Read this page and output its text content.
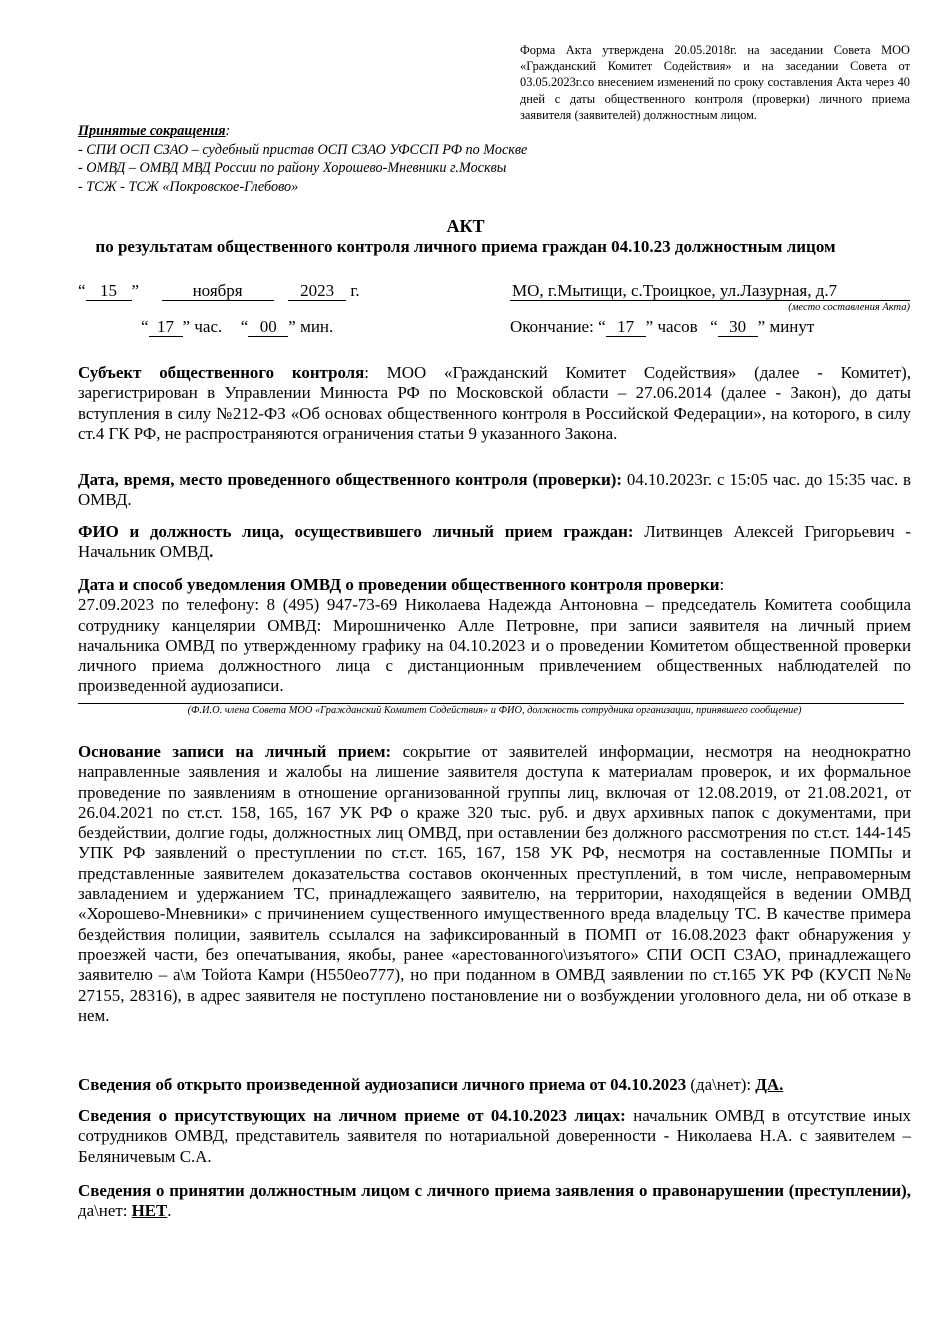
Форма Акта утверждена 20.05.2018г. на заседании Совета МОО «Гражданский Комитет Содействия» и на заседании Совета от 03.05.2023г.со внесением изменений по сроку составления Акта через 40 дней с даты общественного контроля (проверки) личного приема заявителя (заявителей) должностным лицом.
Принятые сокращения:
- СПИ ОСП СЗАО – судебный пристав ОСП СЗАО УФССП РФ по Москве
- ОМВД – ОМВД МВД России по району Хорошево-Мневники г.Москвы
- ТСЖ - ТСЖ «Покровское-Глебово»
АКТ
по результатам общественного контроля личного приема граждан 04.10.23 должностным лицом
“ 15 ”	ноября	2023 г.	МО, г.Мытищи, с.Троицкое, ул.Лазурная, д.7
(место составления Акта)
“ 17 ” час. “ 00 ” мин.	Окончание: “ 17 ” часов “ 30 ” минут
Субъект общественного контроля: МОО «Гражданский Комитет Содействия» (далее - Комитет), зарегистрирован в Управлении Минюста РФ по Московской области – 27.06.2014 (далее - Закон), до даты вступления в силу №212-ФЗ «Об основах общественного контроля в Российской Федерации», на которого, в силу ст.4 ГК РФ, не распространяются ограничения статьи 9 указанного Закона.
Дата, время, место проведенного общественного контроля (проверки): 04.10.2023г. с 15:05 час. до 15:35 час. в ОМВД.
ФИО и должность лица, осуществившего личный прием граждан: Литвинцев Алексей Григорьевич - Начальник ОМВД.
Дата и способ уведомления ОМВД о проведении общественного контроля проверки:
27.09.2023 по телефону: 8 (495) 947-73-69 Николаева Надежда Антоновна – председатель Комитета сообщила сотруднику канцелярии ОМВД: Мирошниченко Алле Петровне, при записи заявителя на личный прием начальника ОМВД по утвержденному графику на 04.10.2023 и о проведении Комитетом общественной проверки личного приема должностного лица с дистанционным привлечением общественных наблюдателей по произведенной аудиозаписи.
(Ф.И.О. члена Совета МОО «Гражданский Комитет Содействия» и ФИО, должность сотрудника организации, принявшего сообщение)
Основание записи на личный прием: сокрытие от заявителей информации, несмотря на неоднократно направленные заявления и жалобы на лишение заявителя доступа к материалам проверок, и их формальное проведение по заявлениям в отношение организованной группы лиц, включая от 12.08.2019, от 21.08.2021, от 26.04.2021 по ст.ст. 158, 165, 167 УК РФ о краже 320 тыс. руб. и двух архивных папок с документами, при бездействии, долгие годы, должностных лиц ОМВД, при оставлении без должного рассмотрения по ст.ст. 144-145 УПК РФ заявлений о преступлении по ст.ст. 165, 167, 158 УК РФ, несмотря на составленные ПОМПы и представленные заявителем доказательства составов оконченных преступлений, в том числе, неправомерным завладением и удержанием ТС, принадлежащего заявителю, на территории, находящейся в ведении ОМВД «Хорошево-Мневники» с причинением существенного имущественного вреда владельцу ТС. В качестве примера бездействия полиции, заявитель ссылался на зафиксированный в ПОМП от 16.08.2023 факт обнаружения у проезжей части, без опечатывания, якобы, ранее «арестованного\изъятого» СПИ ОСП СЗАО, принадлежащего заявителю – а\м Тойота Камри (Н550ео777), но при поданном в ОМВД заявлении по ст.165 УК РФ (КУСП №№ 27155, 28316), в адрес заявителя не поступлено постановление ни о возбуждении уголовного дела, ни об отказе в нем.
Сведения об открыто произведенной аудиозаписи личного приема от 04.10.2023 (да\нет): ДА.
Сведения о присутствующих на личном приеме от 04.10.2023 лицах: начальник ОМВД в отсутствие иных сотрудников ОМВД, представитель заявителя по нотариальной доверенности - Николаева Н.А. с заявителем – Беляничевым С.А.
Сведения о принятии должностным лицом с личного приема заявления о правонарушении (преступлении), да\нет: НЕТ.
